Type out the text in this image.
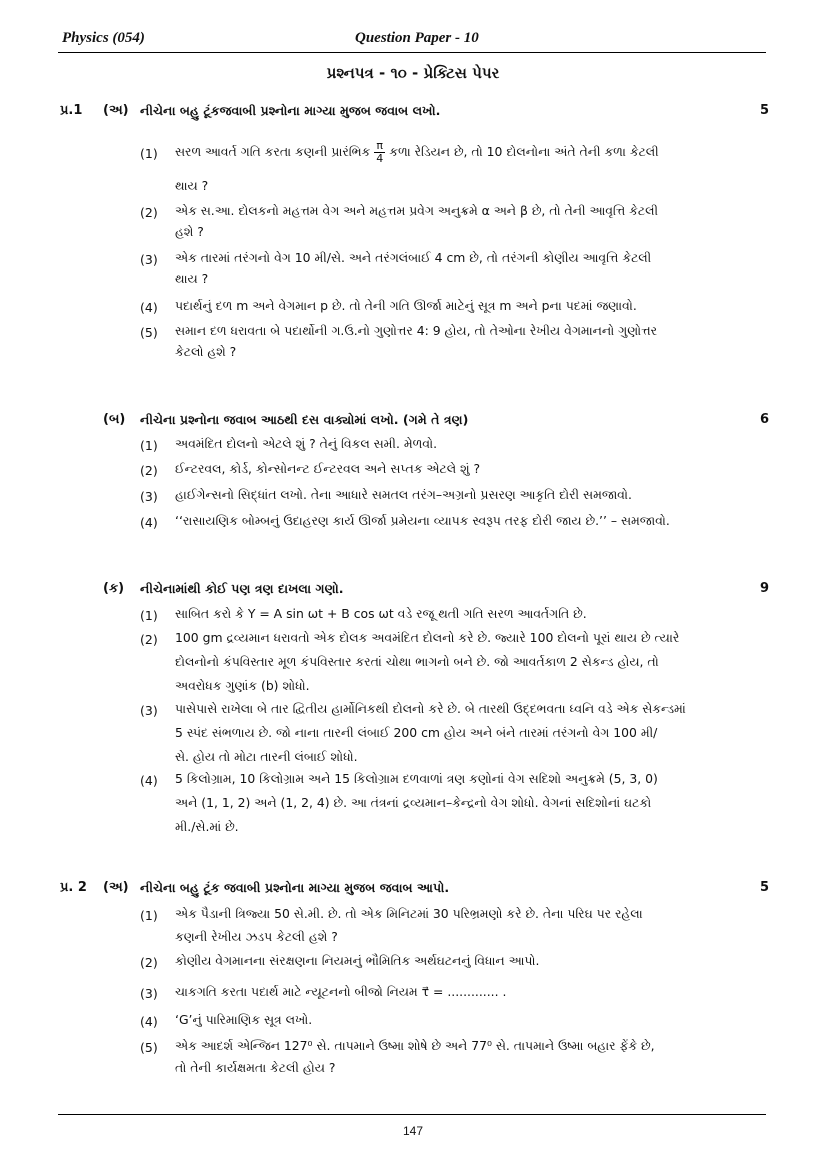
Physics (054)	Question Paper - 10
પ્રશ્નપત્ર - ૧૦ - પ્રેક્ટિસ પેપર
પ્ર.1 (અ) નીચેના બહુ ટૂંકજવાબી પ્રશ્નોના માગ્યા મુજબ જવાબ લખો.	5
(1) સરળ આવર્ત ગતિ કરતા કણની પ્રારંભિક $\frac{\pi}{4}$ કળા રેડિયન છે, તો 10 દોલનોના અંતે તેની કળા કેટલી
થાય ?
(2) એક સ.આ. દોલકનો મહત્તમ વેગ અને મહત્તમ પ્રવેગ અનુક્રમે α અને β છે, તો તેની આવૃત્તિ કેટલી
હશે ?
(3) એક તારમાં તરંગનો વેગ 10 મી/સે. અને તરંગલંબાઈ 4 cm છે, તો તરંગની કોણીય આવૃત્તિ કેટલી
થાય ?
(4) પદાર્થનું દળ m અને વેગમાન p છે. તો તેની ગતિ ઊર્જા માટેનું સૂત્ર m અને pના પદમાં જણાવો.
(5) સમાન દળ ધરાવતા બે પદાર્થોની ગ.ઉ.નો ગુણોત્તર 4: 9 હોય, તો તેઓના રેખીય વેગમાનનો ગુણોત્તર
કેટલો હશે ?
(બ) નીચેના પ્રશ્નોના જવાબ આઠથી દસ વાક્યોમાં લખો. (ગમે તે ત્રણ)	6
(1) અવમંદિત દોલનો એટલે શું ? તેનું વિકલ સમી. મેળવો.
(2) ઈન્ટરવલ, કોર્ડ, કોન્સોનન્ટ ઈન્ટરવલ અને સપ્તક એટલે શું ?
(3) હાઈગેન્સનો સિદ્ધાંત લખો. તેના આધારે સમતલ તરંગ–અગ્રનો પ્રસરણ આકૃતિ દોરી સમજાવો.
(4) ‘‘રાસાયણિક બોમ્બનું ઉદાહરણ કાર્ય ઊર્જા પ્રમેયના વ્યાપક સ્વરૂપ તરફ દોરી જાય છે.’’ – સમજાવો.
(ક) નીચેનામાંથી કોઈ પણ ત્રણ દાખલા ગણો.	9
(1) સાબિત કરો કે Y = A sin ωt + B cos ωt વડે રજૂ થતી ગતિ સરળ આવર્તગતિ છે.
(2) 100 gm દ્રવ્યમાન ધરાવતો એક દોલક અવમંદિત દોલનો કરે છે. જ્યારે 100 દોલનો પૂરાં થાય છે ત્યારે
દોલનોનો કંપવિસ્તાર મૂળ કંપવિસ્તાર કરતાં ચોથા ભાગનો બને છે. જો આવર્તકાળ 2 સેકન્ડ હોય, તો
અવરોધક ગુણાંક (b) શોધો.
(3) પાસેપાસે રાખેલા બે તાર દ્વિતીય હાર્મોનિકથી દોલનો કરે છે. બે તારથી ઉદ્દભવતા ધ્વનિ વડે એક સેકન્ડમાં
5 સ્પંદ સંભળાય છે. જો નાના તારની લંબાઈ 200 cm હોય અને બંને તારમાં તરંગનો વેગ 100 મી/
સે. હોય તો મોટા તારની લંબાઈ શોધો.
(4) 5 કિલોગ્રામ, 10 કિલોગ્રામ અને 15 કિલોગ્રામ દળવાળાં ત્રણ કણોનાં વેગ સદિશો અનુક્રમે (5, 3, 0)
અને (1, 1, 2) અને (1, 2, 4) છે. આ તંત્રનાં દ્રવ્યમાન–કેન્દ્રનો વેગ શોધો. વેગનાં સદિશોનાં ઘટકો
મી./સે.માં છે.
પ્ર. 2 (અ) નીચેના બહુ ટૂંક જવાબી પ્રશ્નોના માગ્યા મુજબ જવાબ આપો.	5
(1) એક પૈડાની ત્રિજ્યા 50 સે.મી. છે. તો એક મિનિટમાં 30 પરિભ્રમણો કરે છે. તેના પરિઘ પર રહેલા
કણની રેખીય ઝડપ કેટલી હશે ?
(2) કોણીય વેગમાનના સંરક્ષણના નિયમનું ભૌમિતિક અર્થઘટનનું વિધાન આપો.
(3) ચાકગતિ કરતા પદાર્થ માટે ન્યૂટનનો બીજો નિયમ τ⃗ = ............. .
(4) ‘G’નું પારિમાણિક સૂત્ર લખો.
(5) એક આદર્શ એન્જિન 127⁰ સે. તાપમાને ઉષ્મા શોષે છે અને 77⁰ સે. તાપમાને ઉષ્મા બહાર ફેંકે છે,
તો તેની કાર્યક્ષમતા કેટલી હોય ?
147
